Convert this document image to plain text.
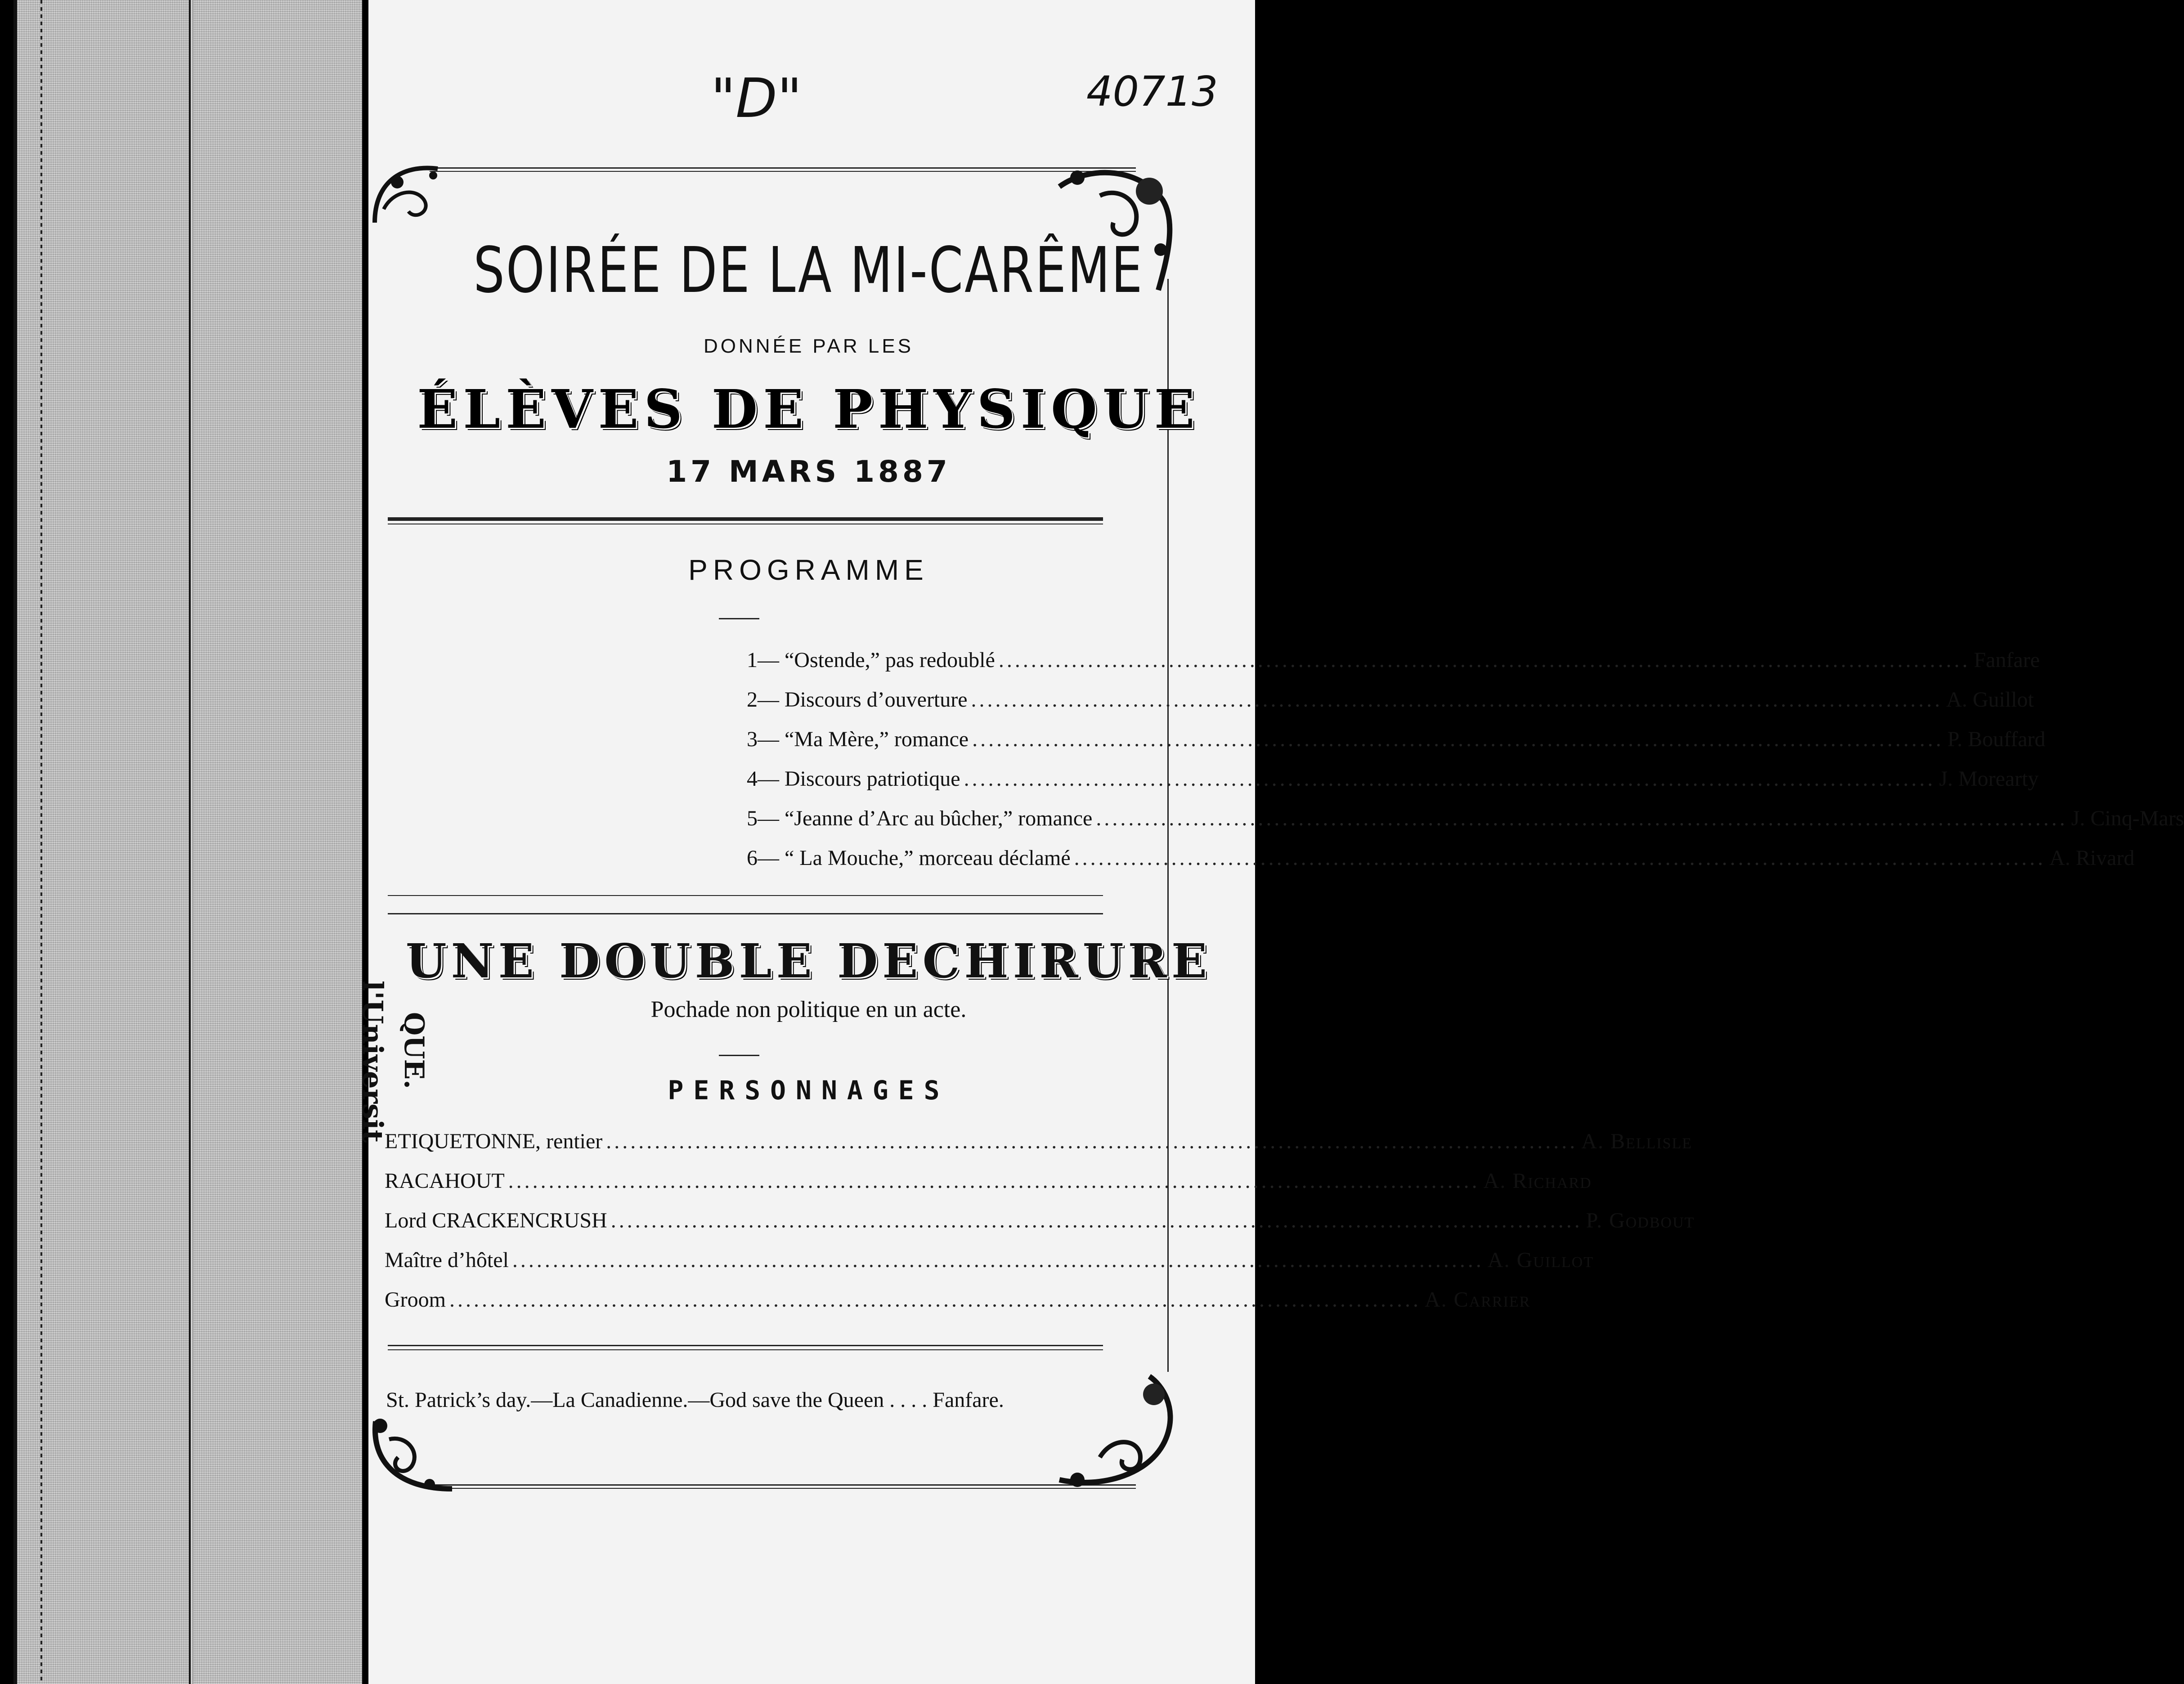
"D"	40713
SOIRÉE DE LA MI-CARÊME
DONNÉE PAR LES
ÉLÈVES DE PHYSIQUE
17 MARS 1887
PROGRAMME
1 — “Ostende,” pas redoublé ........................................................................................................................ Fanfare
2 — Discours d’ouverture ........................................................................................................................ A. Guillot
3 — “Ma Mère,” romance ........................................................................................................................ P. Bouffard
4 — Discours patriotique ........................................................................................................................ J. Morearty
5 — “Jeanne d’Arc au bûcher,” romance ........................................................................................................................ J. Cinq-Mars
6 — “ La Mouche,” morceau déclamé ........................................................................................................................ A. Rivard
UNE DOUBLE DECHIRURE
Pochade non politique en un acte.
PERSONNAGES
ETIQUETONNE, rentier ........................................................................................................................ A. Bellisle
RACAHOUT ........................................................................................................................ A. Richard
Lord CRACKENCRUSH ........................................................................................................................ P. Godbout
Maître d’hôtel ........................................................................................................................ A. Guillot
Groom ........................................................................................................................ A. Carrier
St. Patrick’s day.—La Canadienne.—God save the Queen . . . . Fanfare.
l'Universit QUE.
